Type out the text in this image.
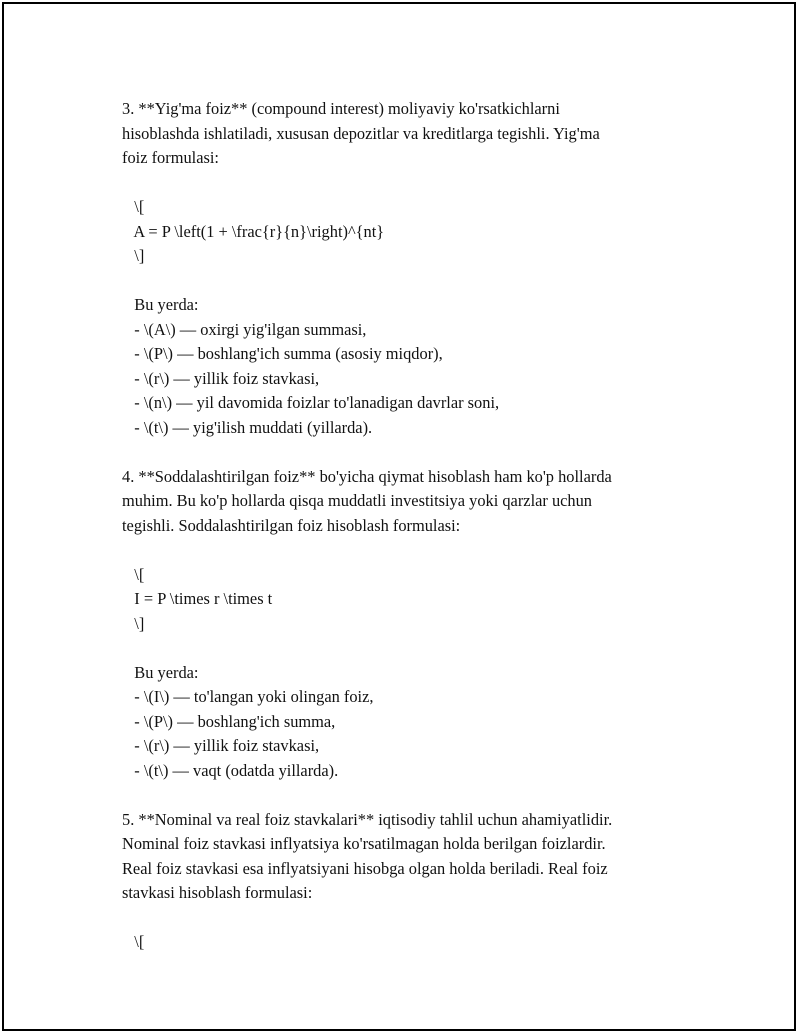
3. **Yig'ma foiz** (compound interest) moliyaviy ko'rsatkichlarni
hisoblashda ishlatiladi, xususan depozitlar va kreditlarga tegishli. Yig'ma
foiz formulasi:
\[
A = P \left(1 + \frac{r}{n}\right)^{nt}
\]
Bu yerda:
- \(A\) — oxirgi yig'ilgan summasi,
- \(P\) — boshlang'ich summa (asosiy miqdor),
- \(r\) — yillik foiz stavkasi,
- \(n\) — yil davomida foizlar to'lanadigan davrlar soni,
- \(t\) — yig'ilish muddati (yillarda).
4. **Soddalashtirilgan foiz** bo'yicha qiymat hisoblash ham ko'p hollarda
muhim. Bu ko'p hollarda qisqa muddatli investitsiya yoki qarzlar uchun
tegishli. Soddalashtirilgan foiz hisoblash formulasi:
\[
I = P \times r \times t
\]
Bu yerda:
- \(I\) — to'langan yoki olingan foiz,
- \(P\) — boshlang'ich summa,
- \(r\) — yillik foiz stavkasi,
- \(t\) — vaqt (odatda yillarda).
5. **Nominal va real foiz stavkalari** iqtisodiy tahlil uchun ahamiyatlidir.
Nominal foiz stavkasi inflyatsiya ko'rsatilmagan holda berilgan foizlardir.
Real foiz stavkasi esa inflyatsiyani hisobga olgan holda beriladi. Real foiz
stavkasi hisoblash formulasi:
\[
